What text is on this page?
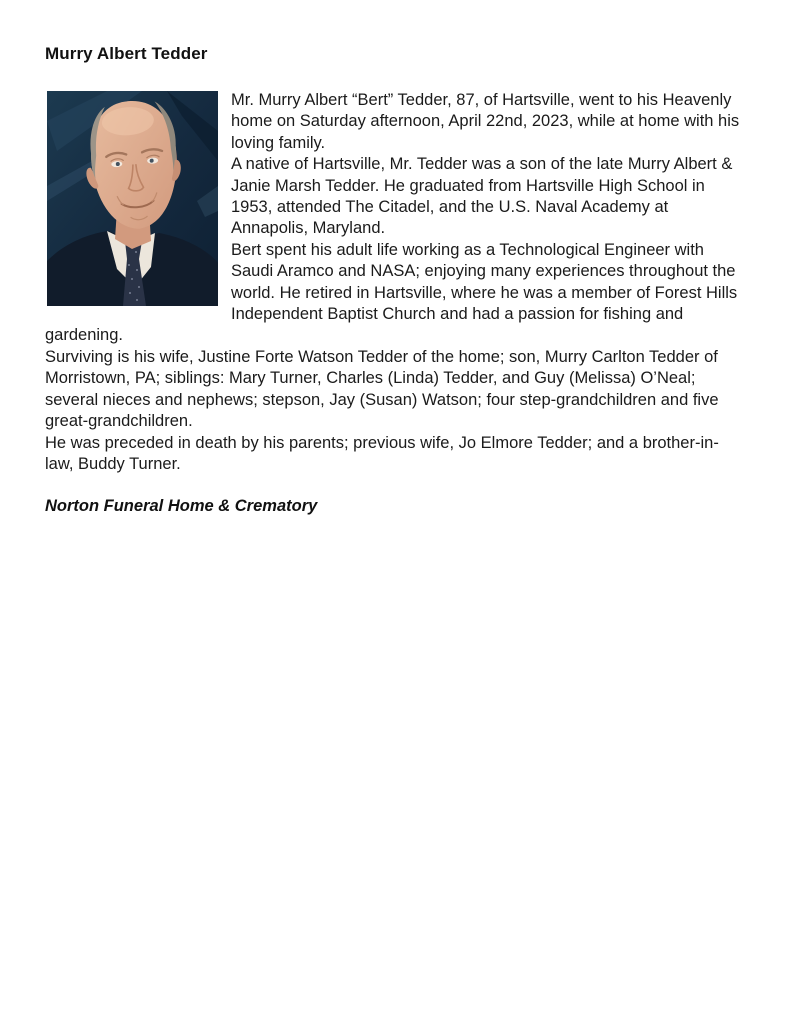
Murry Albert Tedder

Mr. Murry Albert “Bert” Tedder, 87, of Hartsville, went to his Heavenly home on Saturday afternoon, April 22nd, 2023, while at home with his loving family.

A native of Hartsville, Mr. Tedder was a son of the late Murry Albert & Janie Marsh Tedder. He graduated from Hartsville High School in 1953, attended The Citadel, and the U.S. Naval Academy at Annapolis, Maryland.

Bert spent his adult life working as a Technological Engineer with Saudi Aramco and NASA; enjoying many experiences throughout the world. He retired in Hartsville, where he was a member of Forest Hills Independent Baptist Church and had a passion for fishing and gardening.

Surviving is his wife, Justine Forte Watson Tedder of the home; son, Murry Carlton Tedder of Morristown, PA; siblings: Mary Turner, Charles (Linda) Tedder, and Guy (Melissa) O’Neal; several nieces and nephews; stepson, Jay (Susan) Watson; four step-grandchildren and five great-grandchildren.

He was preceded in death by his parents; previous wife, Jo Elmore Tedder; and a brother-in-law, Buddy Turner.

Norton Funeral Home & Crematory
